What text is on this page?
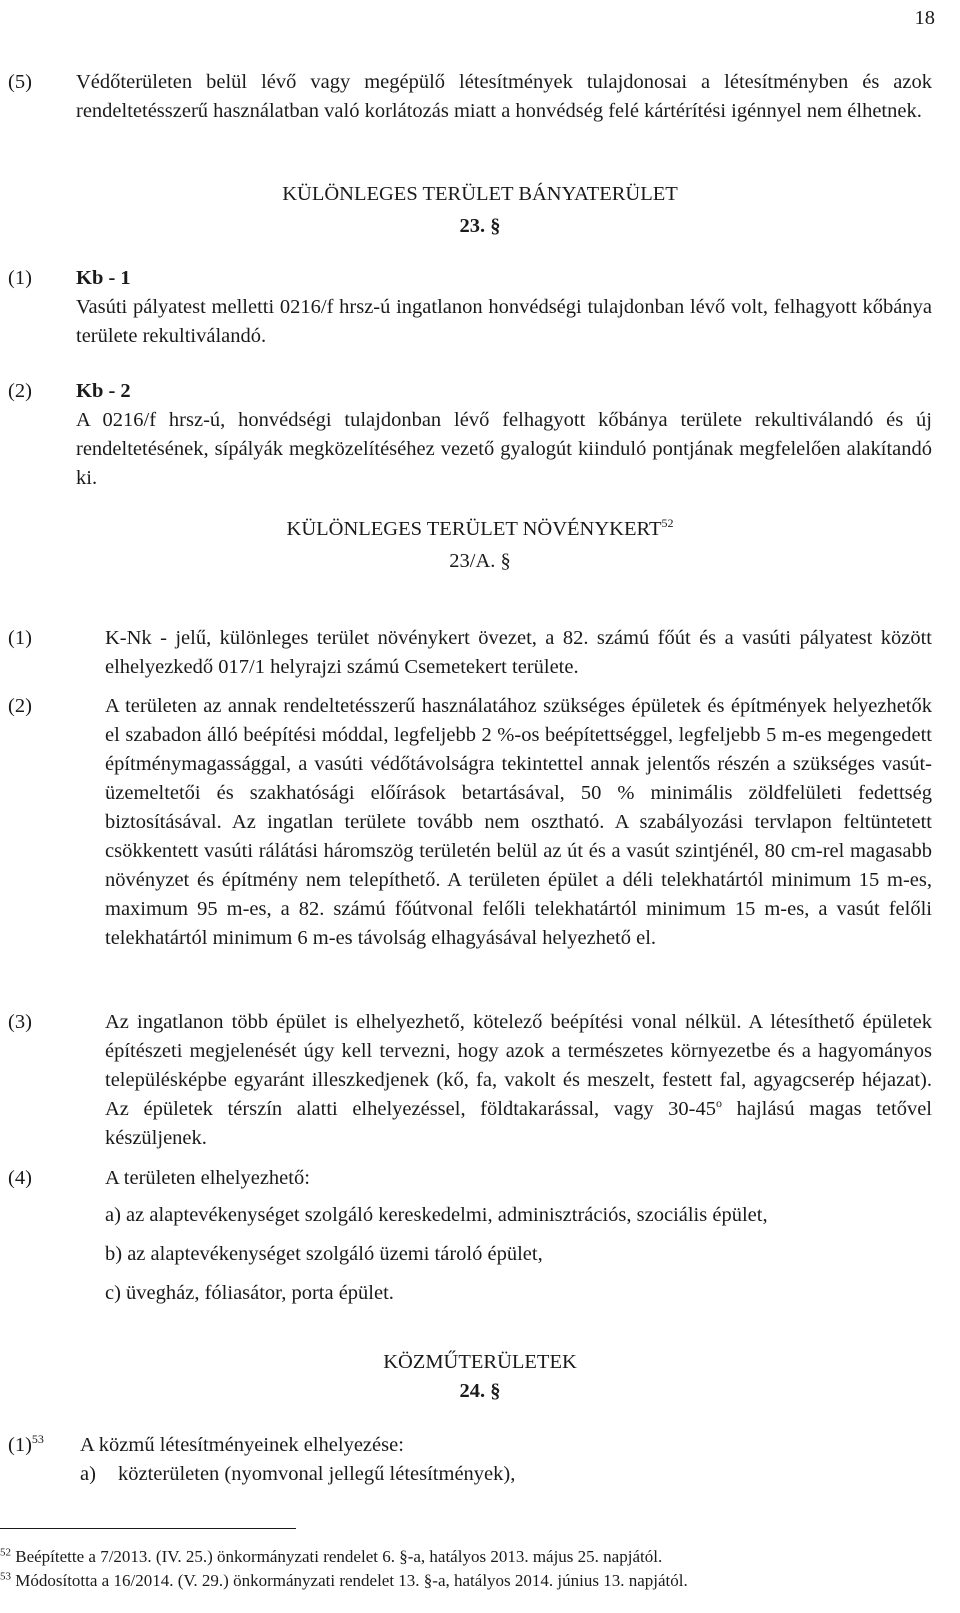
18
(5) Védőterületen belül lévő vagy megépülő létesítmények tulajdonosai a létesítményben és azok rendeltetésszerű használatban való korlátozás miatt a honvédség felé kártérítési igénnyel nem élhetnek.
KÜLÖNLEGES TERÜLET BÁNYATERÜLET
23. §
(1) Kb - 1
Vasúti pályatest melletti 0216/f hrsz-ú ingatlanon honvédségi tulajdonban lévő volt, felhagyott kőbánya területe rekultiválandó.
(2) Kb - 2
A 0216/f hrsz-ú, honvédségi tulajdonban lévő felhagyott kőbánya területe rekultiválandó és új rendeltetésének, sípályák megközelítéséhez vezető gyalogút kiinduló pontjának megfelelően alakítandó ki.
KÜLÖNLEGES TERÜLET NÖVÉNYKERT$^{52}$
23/A. §
(1)	K-Nk - jelű, különleges terület növénykert övezet, a 82. számú főút és a vasúti pályatest között elhelyezkedő 017/1 helyrajzi számú Csemetekert területe.
(2)	A területen az annak rendeltetésszerű használatához szükséges épületek és építmények helyezhetők el szabadon álló beépítési móddal, legfeljebb 2 %-os beépítettséggel, legfeljebb 5 m-es megengedett építménymagassággal, a vasúti védőtávolságra tekintettel annak jelentős részén a szükséges vasút-üzemeltetői és szakhatósági előírások betartásával, 50 % minimális zöldfelületi fedettség biztosításával. Az ingatlan területe tovább nem osztható. A szabályozási tervlapon feltüntetett csökkentett vasúti rálátási háromszög területén belül az út és a vasút szintjénél, 80 cm-rel magasabb növényzet és építmény nem telepíthető. A területen épület a déli telekhatártól minimum 15 m-es, maximum 95 m-es, a 82. számú főútvonal felőli telekhatártól minimum 15 m-es, a vasút felőli telekhatártól minimum 6 m-es távolság elhagyásával helyezhető el.
(3)	Az ingatlanon több épület is elhelyezhető, kötelező beépítési vonal nélkül. A létesíthető épületek építészeti megjelenését úgy kell tervezni, hogy azok a természetes környezetbe és a hagyományos településképbe egyaránt illeszkedjenek (kő, fa, vakolt és meszelt, festett fal, agyagcserép héjazat). Az épületek térszín alatti elhelyezéssel, földtakarással, vagy 30-45$^o$ hajlású magas tetővel készüljenek.
(4)	A területen elhelyezhető:
a) az alaptevékenységet szolgáló kereskedelmi, adminisztrációs, szociális épület,
b) az alaptevékenységet szolgáló üzemi tároló épület,
c) üvegház, fóliasátor, porta épület.
KÖZMŰTERÜLETEK
24. §
$(1)^{53}$ A közmű létesítményeinek elhelyezése:
a) közterületen (nyomvonal jellegű létesítmények),
$^{52}$ Beépítette a 7/2013. (IV. 25.) önkormányzati rendelet 6. §-a, hatályos 2013. május 25. napjától.
$^{53}$ Módosította a 16/2014. (V. 29.) önkormányzati rendelet 13. §-a, hatályos 2014. június 13. napjától.
